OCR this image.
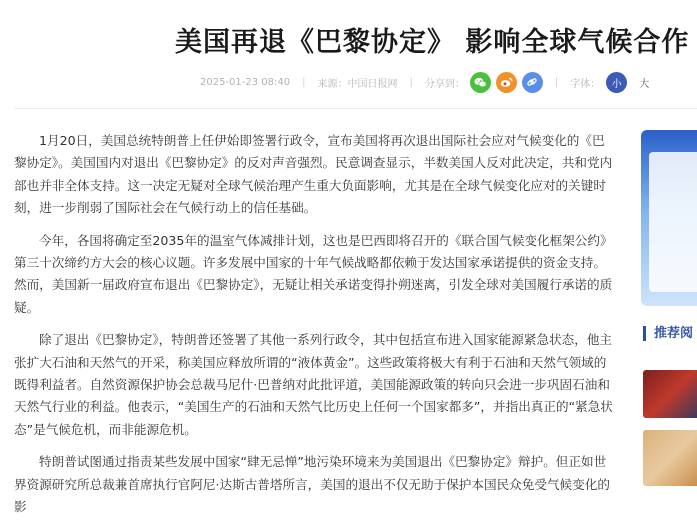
美国再退《巴黎协定》 影响全球气候合作
2025-01-23 08:40 | 来源：中国日报网 | 分享到：	| 字体：	小	大

1月20日，美国总统特朗普上任伊始即签署行政令，宣布美国将再次退出国际社会应对气候变化的《巴黎协定》。美国国内对退出《巴黎协定》的反对声音强烈。民意调查显示，半数美国人反对此决定，共和党内部也并非全体支持。这一决定无疑对全球气候治理产生重大负面影响，尤其是在全球气候变化应对的关键时刻，进一步削弱了国际社会在气候行动上的信任基础。

今年，各国将确定至2035年的温室气体减排计划，这也是巴西即将召开的《联合国气候变化框架公约》第三十次缔约方大会的核心议题。许多发展中国家的十年气候战略都依赖于发达国家承诺提供的资金支持。然而，美国新一届政府宣布退出《巴黎协定》，无疑让相关承诺变得扑朔迷离，引发全球对美国履行承诺的质疑。

除了退出《巴黎协定》，特朗普还签署了其他一系列行政令，其中包括宣布进入国家能源紧急状态，他主张扩大石油和天然气的开采，称美国应释放所谓的“液体黄金”。这些政策将极大有利于石油和天然气领域的既得利益者。自然资源保护协会总裁马尼什·巴普纳对此批评道，美国能源政策的转向只会进一步巩固石油和天然气行业的利益。他表示，“美国生产的石油和天然气比历史上任何一个国家都多”，并指出真正的“紧急状态”是气候危机，而非能源危机。

特朗普试图通过指责某些发展中国家“肆无忌惮”地污染环境来为美国退出《巴黎协定》辩护。但正如世界资源研究所总裁兼首席执行官阿尼·达斯古普塔所言，美国的退出不仅无助于保护本国民众免受气候变化的影

推荐阅
